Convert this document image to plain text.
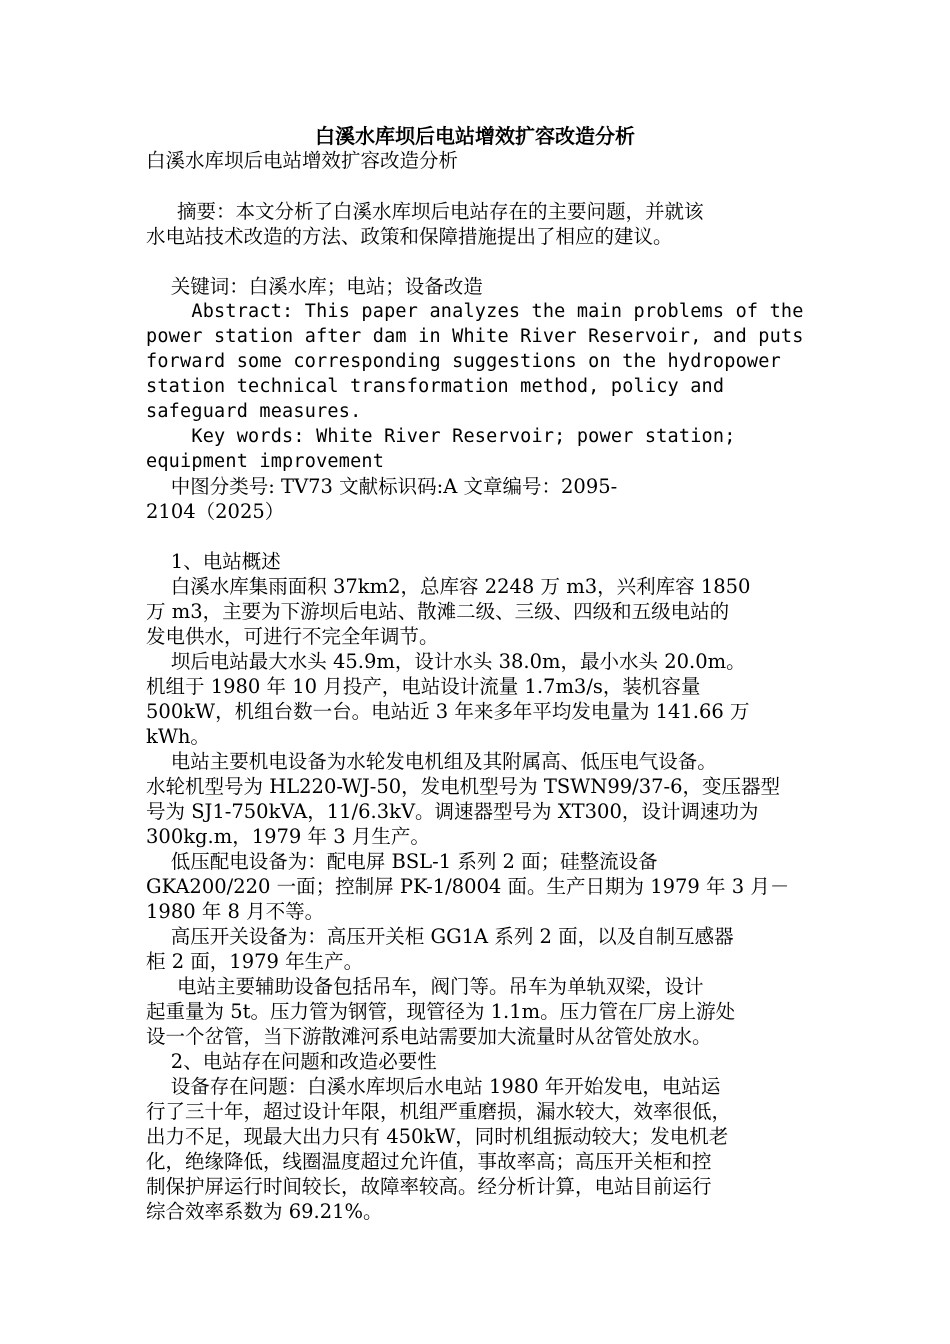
白溪水库坝后电站增效扩容改造分析
白溪水库坝后电站增效扩容改造分析
摘要：本文分析了白溪水库坝后电站存在的主要问题，并就该
水电站技术改造的方法、政策和保障措施提出了相应的建议。
关键词：白溪水库；电站；设备改造
Abstract: This paper analyzes the main problems of the
power station after dam in White River Reservoir, and puts
forward some corresponding suggestions on the hydropower
station technical transformation method, policy and
safeguard measures.
Key words: White River Reservoir; power station;
equipment improvement
中图分类号: TV73 文献标识码:A 文章编号：2095-
2104（2025）
1、电站概述
白溪水库集雨面积 37km2，总库容 2248 万 m3，兴利库容 1850
万 m3，主要为下游坝后电站、散滩二级、三级、四级和五级电站的
发电供水，可进行不完全年调节。
坝后电站最大水头 45.9m，设计水头 38.0m，最小水头 20.0m。
机组于 1980 年 10 月投产，电站设计流量 1.7m3/s，装机容量
500kW，机组台数一台。电站近 3 年来多年平均发电量为 141.66 万
kWh。
电站主要机电设备为水轮发电机组及其附属高、低压电气设备。
水轮机型号为 HL220-WJ-50，发电机型号为 TSWN99/37-6，变压器型
号为 SJ1-750kVA，11/6.3kV。调速器型号为 XT300，设计调速功为
300kg.m，1979 年 3 月生产。
低压配电设备为：配电屏 BSL-1 系列 2 面；硅整流设备
GKA200/220 一面；控制屏 PK-1/8004 面。生产日期为 1979 年 3 月－
1980 年 8 月不等。
高压开关设备为：高压开关柜 GG1A 系列 2 面，以及自制互感器
柜 2 面，1979 年生产。
电站主要辅助设备包括吊车，阀门等。吊车为单轨双梁，设计
起重量为 5t。压力管为钢管，现管径为 1.1m。压力管在厂房上游处
设一个岔管，当下游散滩河系电站需要加大流量时从岔管处放水。
2、电站存在问题和改造必要性
设备存在问题：白溪水库坝后水电站 1980 年开始发电，电站运
行了三十年，超过设计年限，机组严重磨损，漏水较大，效率很低，
出力不足，现最大出力只有 450kW，同时机组振动较大；发电机老
化，绝缘降低，线圈温度超过允许值，事故率高；高压开关柜和控
制保护屏运行时间较长，故障率较高。经分析计算，电站目前运行
综合效率系数为 69.21%。
